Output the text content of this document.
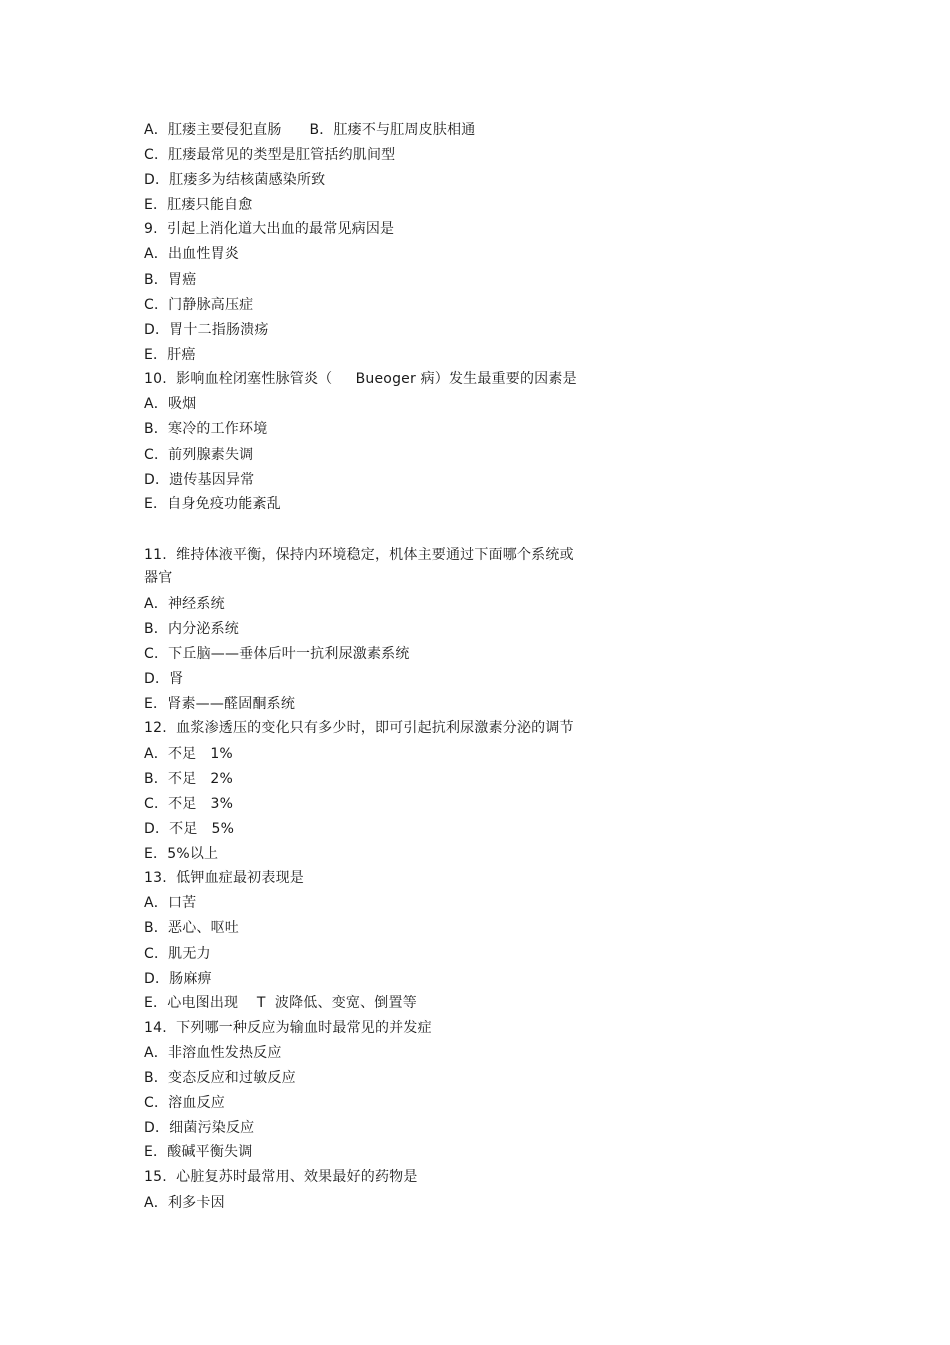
A．肛瘘主要侵犯直肠      B．肛瘘不与肛周皮肤相通
C．肛瘘最常见的类型是肛管括约肌间型
D．肛瘘多为结核菌感染所致
E．肛瘘只能自愈
9.  引起上消化道大出血的最常见病因是
A．出血性胃炎
B．胃癌
C．门静脉高压症
D．胃十二指肠溃疡
E．肝癌
10.  影响血栓闭塞性脉管炎（     Bueoger 病）发生最重要的因素是
A．吸烟
B．寒冷的工作环境
C．前列腺素失调
D．遗传基因异常
E．自身免疫功能紊乱
11.  维持体液平衡，保持内环境稳定，机体主要通过下面哪个系统或
器官
A．神经系统
B．内分泌系统
C．下丘脑——垂体后叶一抗利尿激素系统
D．肾
E．肾素——醛固酮系统
12.  血浆渗透压的变化只有多少时，即可引起抗利尿激素分泌的调节
A．不足   1%
B．不足   2%
C．不足   3%
D．不足   5%
E．5%以上
13.  低钾血症最初表现是
A．口苦
B．恶心、呕吐
C．肌无力
D．肠麻痹
E．心电图出现    T  波降低、变宽、倒置等
14.  下列哪一种反应为输血时最常见的并发症
A．非溶血性发热反应
B．变态反应和过敏反应
C．溶血反应
D．细菌污染反应
E．酸碱平衡失调
15.  心脏复苏时最常用、效果最好的药物是
A．利多卡因
